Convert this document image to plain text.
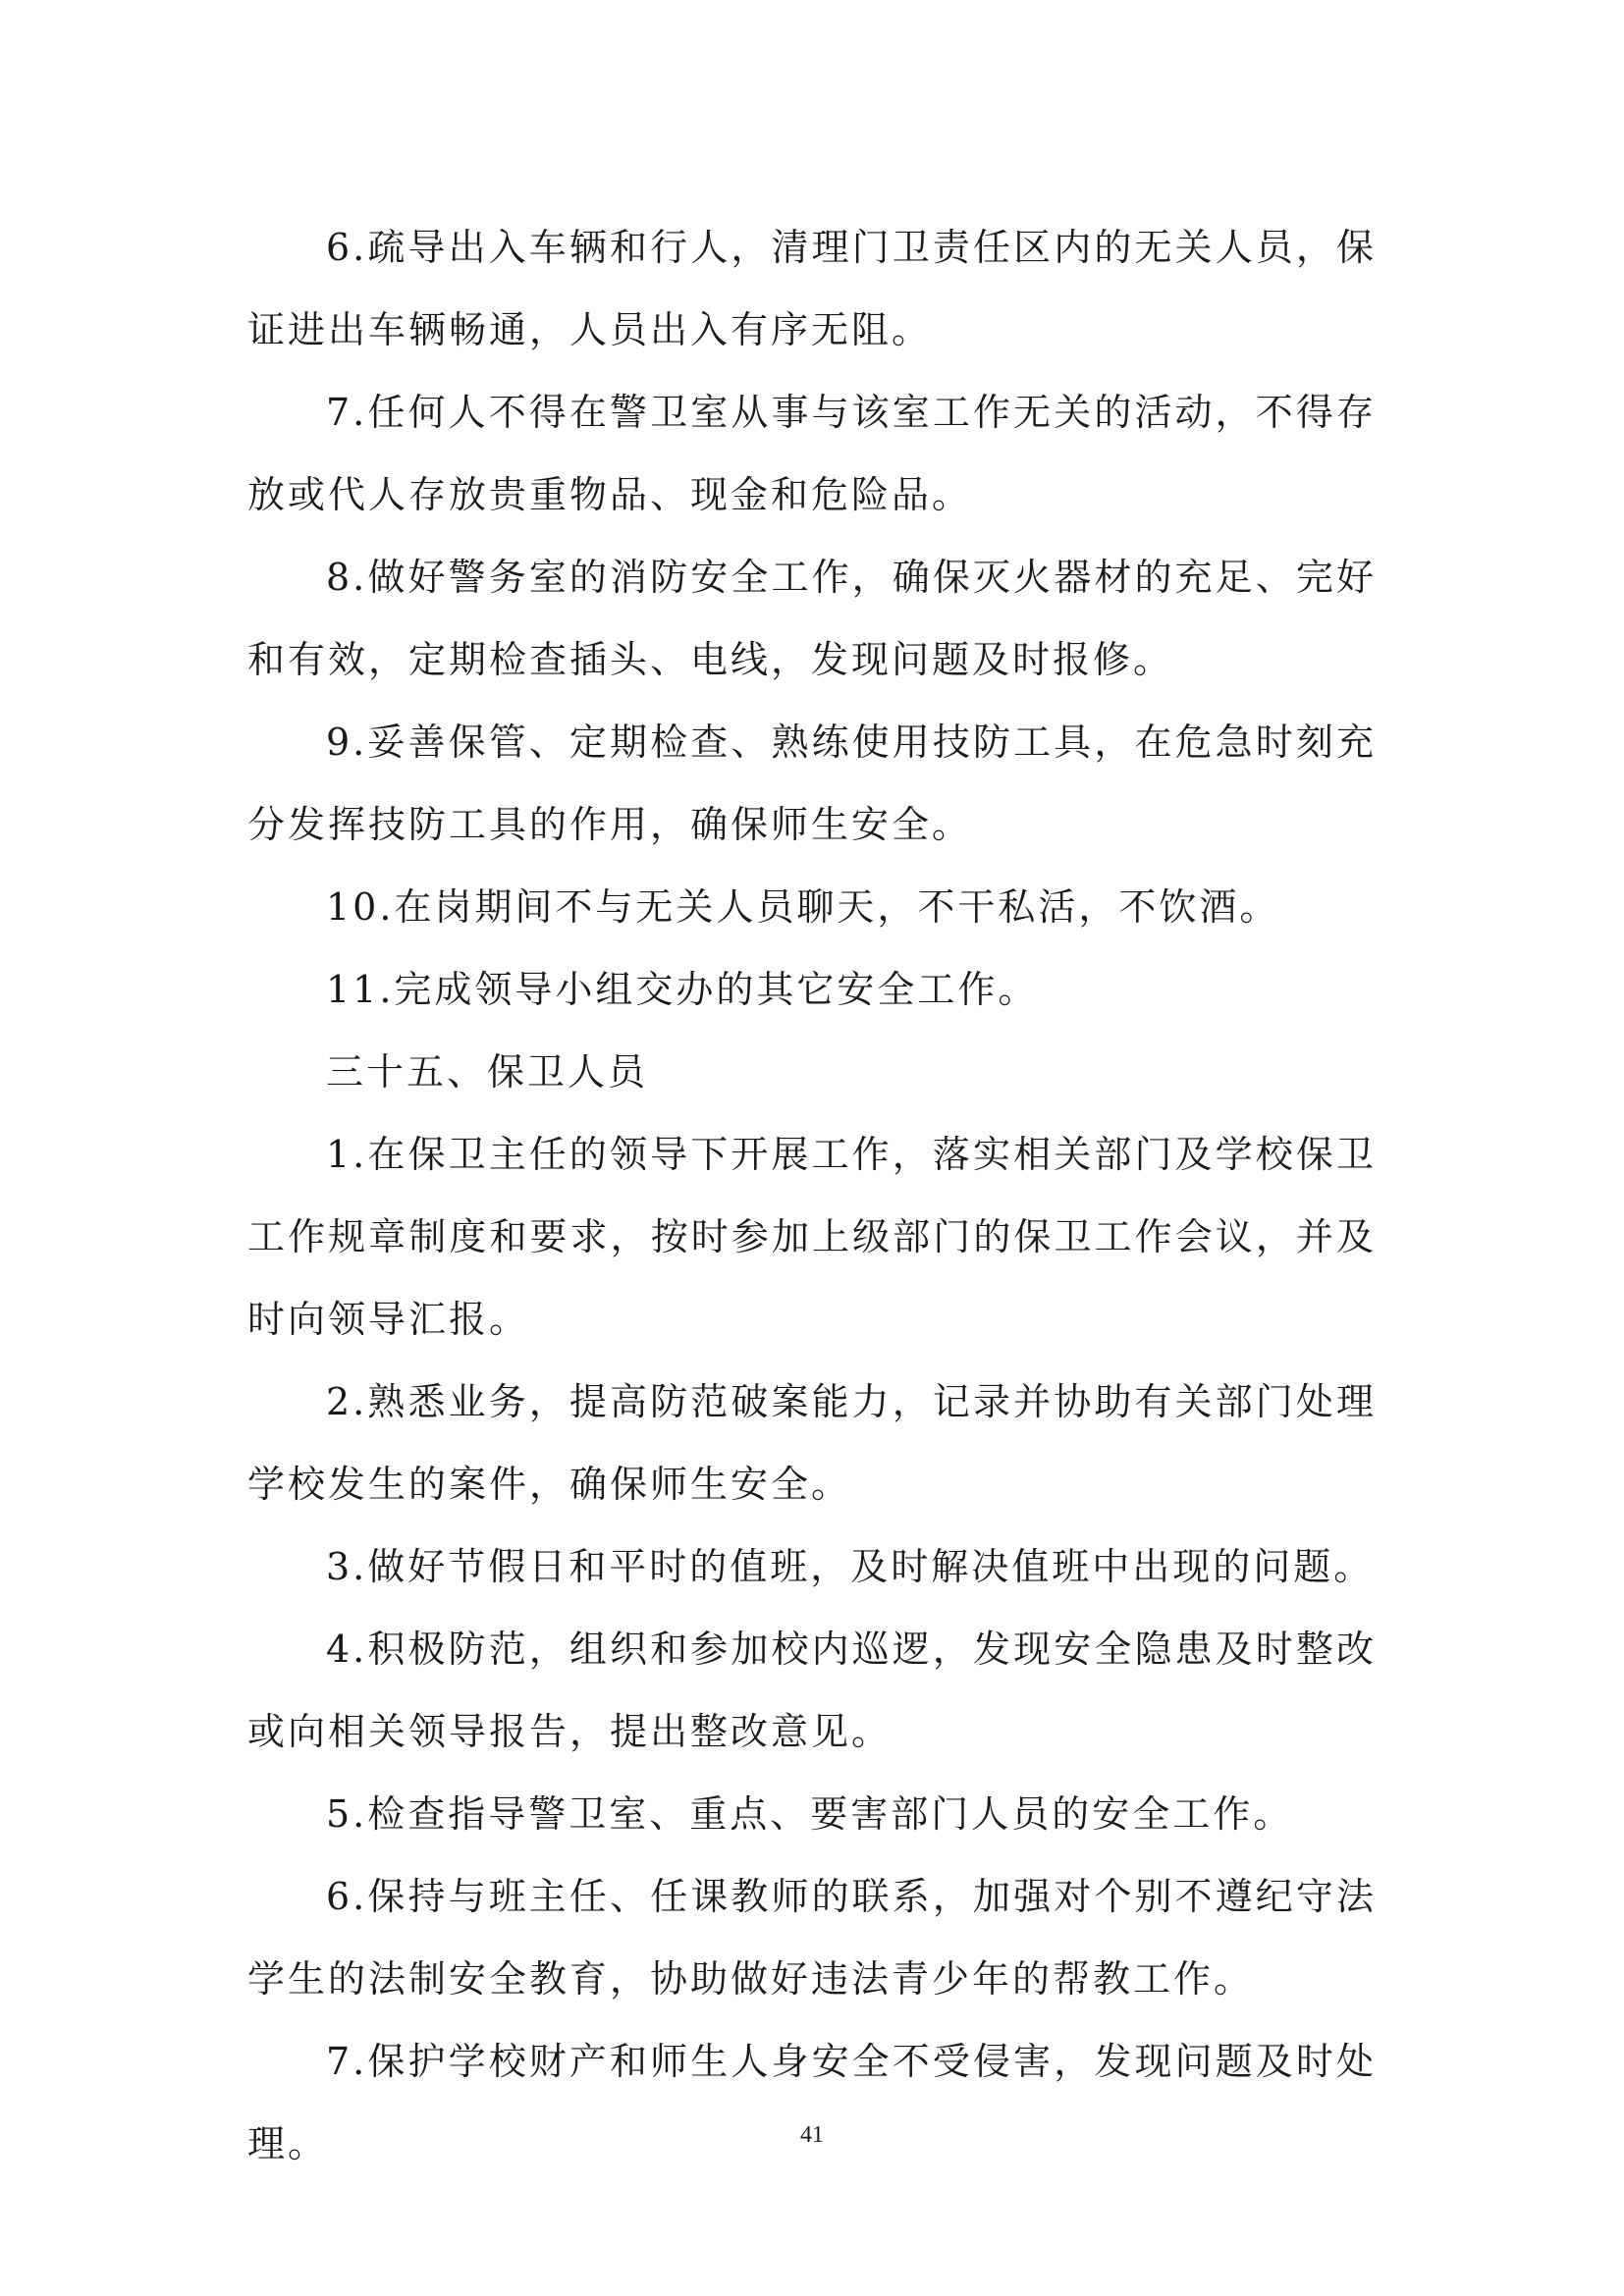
6.疏导出入车辆和行人，清理门卫责任区内的无关人员，保证进出车辆畅通，人员出入有序无阻。

7.任何人不得在警卫室从事与该室工作无关的活动，不得存放或代人存放贵重物品、现金和危险品。

8.做好警务室的消防安全工作，确保灭火器材的充足、完好和有效，定期检查插头、电线，发现问题及时报修。

9.妥善保管、定期检查、熟练使用技防工具，在危急时刻充分发挥技防工具的作用，确保师生安全。

10.在岗期间不与无关人员聊天，不干私活，不饮酒。

11.完成领导小组交办的其它安全工作。

三十五、保卫人员

1.在保卫主任的领导下开展工作，落实相关部门及学校保卫工作规章制度和要求，按时参加上级部门的保卫工作会议，并及时向领导汇报。

2.熟悉业务，提高防范破案能力，记录并协助有关部门处理学校发生的案件，确保师生安全。

3.做好节假日和平时的值班，及时解决值班中出现的问题。

4.积极防范，组织和参加校内巡逻，发现安全隐患及时整改或向相关领导报告，提出整改意见。

5.检查指导警卫室、重点、要害部门人员的安全工作。

6.保持与班主任、任课教师的联系，加强对个别不遵纪守法学生的法制安全教育，协助做好违法青少年的帮教工作。

7.保护学校财产和师生人身安全不受侵害，发现问题及时处理。	41
